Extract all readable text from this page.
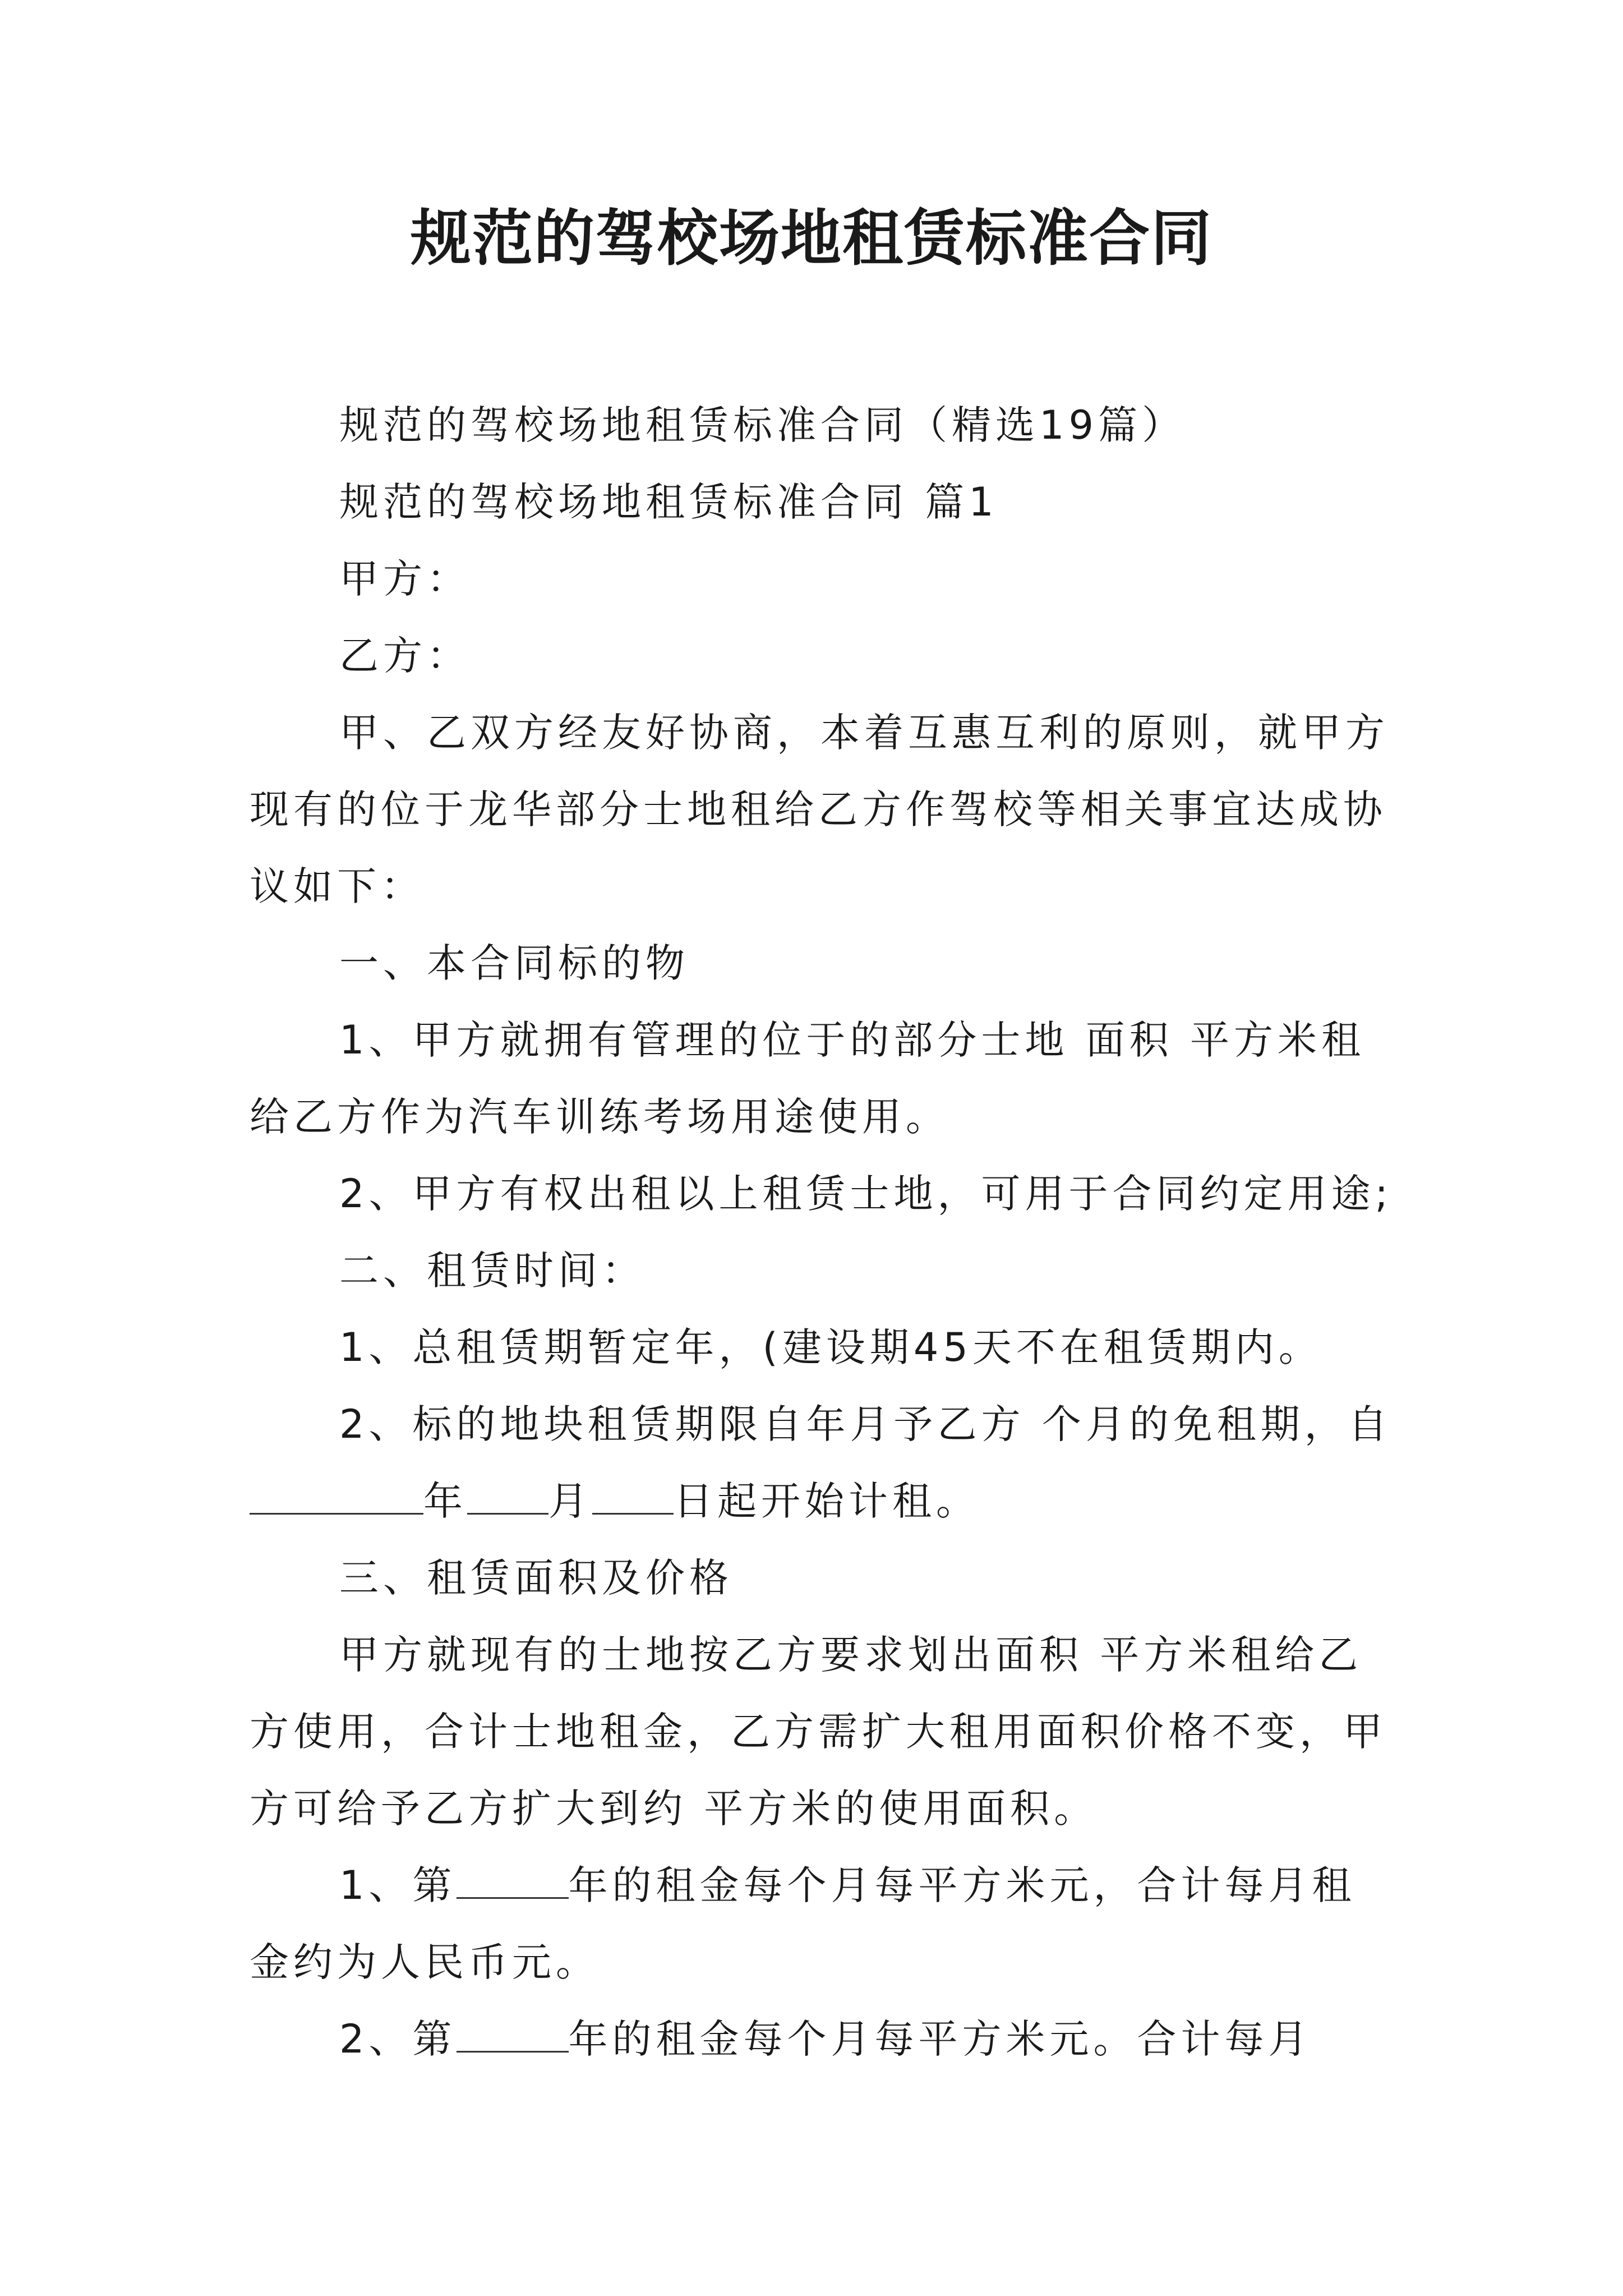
规范的驾校场地租赁标准合同

规范的驾校场地租赁标准合同（精选19篇）

规范的驾校场地租赁标准合同 篇1

甲方：

乙方：

甲、乙双方经友好协商，本着互惠互利的原则，就甲方现有的位于龙华部分士地租给乙方作驾校等相关事宜达成协议如下：

一、本合同标的物

1、甲方就拥有管理的位于的部分士地 面积 平方米租给乙方作为汽车训练考场用途使用。

2、甲方有权出租以上租赁士地，可用于合同约定用途;

二、租赁时间：

1、总租赁期暂定年，(建设期45天不在租赁期内。

2、标的地块租赁期限自年月予乙方 个月的免租期，自

年 月 日起开始计租。

三、租赁面积及价格

甲方就现有的士地按乙方要求划出面积 平方米租给乙方使用，合计士地租金，乙方需扩大租用面积价格不变，甲方可给予乙方扩大到约 平方米的使用面积。

1、第	年的租金每个月每平方米元，合计每月租金约为人民币元。

2、第	年的租金每个月每平方米元。合计每月
